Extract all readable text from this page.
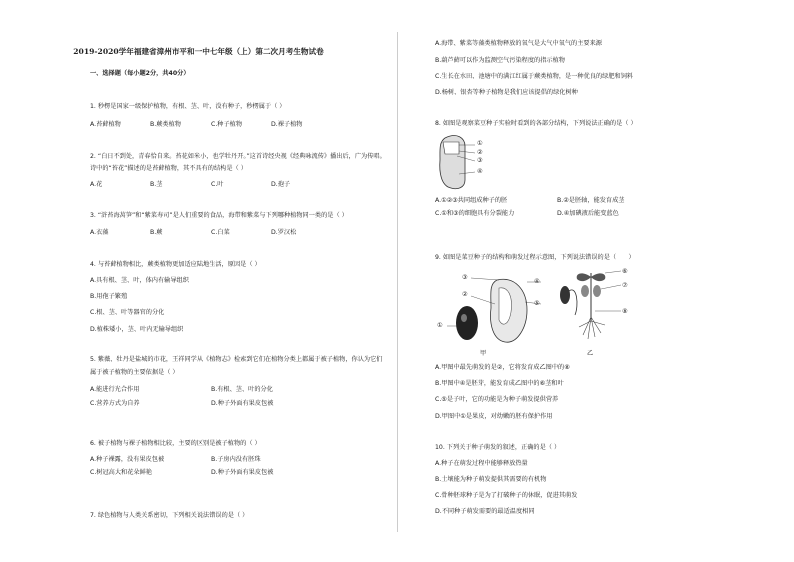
2019-2020学年福建省漳州市平和一中七年级（上）第二次月考生物试卷
一、选择题（每小题2分，共40分）
1. 秒楞是国家一级保护植物，有根、茎、叶，没有种子，秒楞属于（ ）
A.苔藓植物	B.蕨类植物	C.种子植物	D.裸子植物
2. “白日不到处，青春恰自来。苔花如米小，也学牡丹开。”这首诗经央视《经典咏流传》播出后，广为传唱。
诗中的“苔花”描述的是苔藓植物，其不具有的结构是（ ）
A.花	B.茎	C.叶	D.孢子
3. “浒苔海莴笋”和“紫菜寿司”是人们重要的食品，海带和紫菜与下列哪种植物同一类的是（ ）
A.衣藻	B.蕨	C.白菜	D.罗汉松
4. 与苔藓植物相比，蕨类植物更加适应陆地生活，原因是（ ）
A.具有根、茎、叶，体内有输导组织
B.用孢子繁殖
C.根、茎、叶等器官的分化
D.植株矮小，茎、叶内无输导组织
5. 紫薇、牡丹是盐城的市花，王祥同学从《植物志》检索到它们在植物分类上都属于被子植物，你认为它们
属于被子植物的主要依据是（ ）
A.能进行光合作用	B.有根、茎、叶的分化
C.营养方式为自养	D.种子外面有果皮包被
6. 被子植物与裸子植物相比较，主要的区别是被子植物的（ ）
A.种子裸露，没有果皮包被	B.子房内没有胚珠
C.树冠高大和花朵鲜艳	D.种子外面有果皮包被
7. 绿色植物与人类关系密切，下列相关说法错误的是（ ）
A.海带、紫菜等藻类植物释放的氧气是大气中氧气的主要来源
B.葫芦藓可以作为监测空气污染程度的指示植物
C.生长在水田、池塘中的满江红属于蕨类植物，是一种优良的绿肥和饲料
D.杨树、银杏等种子植物是我们应该提倡的绿化树种
8. 如图是观察菜豆种子实验时看到的各部分结构，下列说法正确的是（ ）
①
②
③
④
A.①②③共同组成种子的胚	B.②是胚轴，能发育成茎
C.①和③的细胞具有分裂能力	D.④加碘液后能变蓝色
9. 如图是菜豆种子的结构和萌发过程示意图，下列说法错误的是（　　）
③
②
①
④
⑤
甲
⑥
⑦
⑧
乙
A.甲图中最先萌发的是②，它将发育成乙图中的⑧
B.甲图中④是胚芽，能发育成乙图中的⑥茎和叶
C.⑤是子叶，它的功能是为种子萌发提供营养
D.甲图中①是果皮，对幼嫩的胚有保护作用
10. 下列关于种子萌发的叙述，正确的是（ ）
A.种子在萌发过程中能够释放热量
B.土壤能为种子萌发提供其需要的有机物
C.骨种胚球种子是为了打破种子的休眠，促进其萌发
D.不同种子萌发需要的最适温度相同
